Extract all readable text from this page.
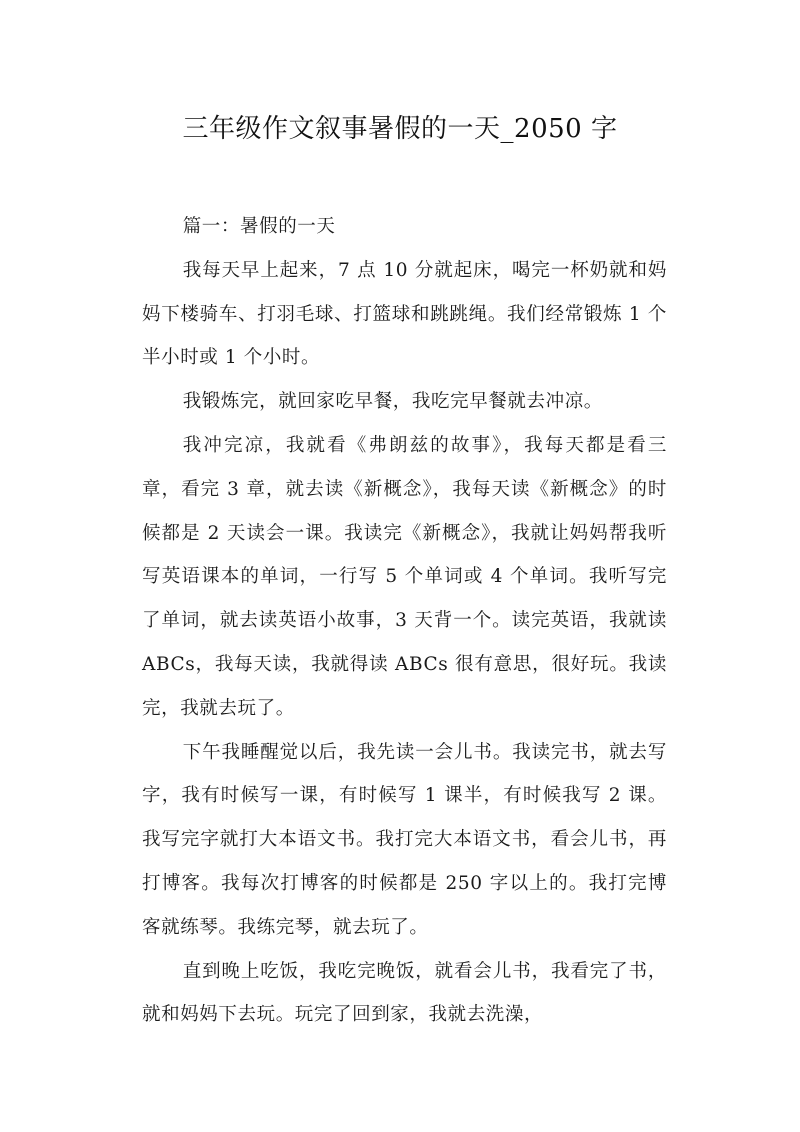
三年级作文叙事暑假的一天_2050 字

篇一：暑假的一天

我每天早上起来，7 点 10 分就起床，喝完一杯奶就和妈妈下楼骑车、打羽毛球、打篮球和跳跳绳。我们经常锻炼 1 个半小时或 1 个小时。

我锻炼完，就回家吃早餐，我吃完早餐就去冲凉。

我冲完凉，我就看《弗朗兹的故事》，我每天都是看三章，看完 3 章，就去读《新概念》，我每天读《新概念》的时候都是 2 天读会一课。我读完《新概念》，我就让妈妈帮我听写英语课本的单词，一行写 5 个单词或 4 个单词。我听写完了单词，就去读英语小故事，3 天背一个。读完英语，我就读 ABCs，我每天读，我就得读 ABCs 很有意思，很好玩。我读完，我就去玩了。

下午我睡醒觉以后，我先读一会儿书。我读完书，就去写字，我有时候写一课，有时候写 1 课半，有时候我写 2 课。我写完字就打大本语文书。我打完大本语文书，看会儿书，再打博客。我每次打博客的时候都是 250 字以上的。我打完博客就练琴。我练完琴，就去玩了。

直到晚上吃饭，我吃完晚饭，就看会儿书，我看完了书，就和妈妈下去玩。玩完了回到家，我就去洗澡，
